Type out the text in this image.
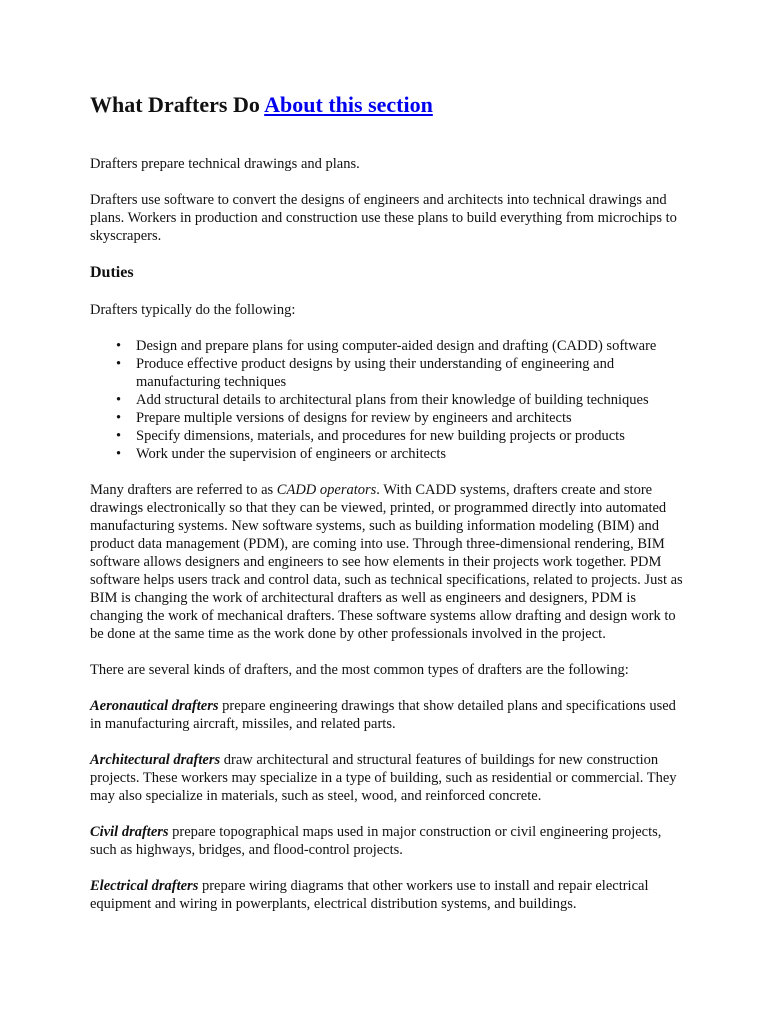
What Drafters Do About this section

Drafters prepare technical drawings and plans.

Drafters use software to convert the designs of engineers and architects into technical drawings and plans. Workers in production and construction use these plans to build everything from microchips to skyscrapers.

Duties

Drafters typically do the following:

• Design and prepare plans for using computer-aided design and drafting (CADD) software
• Produce effective product designs by using their understanding of engineering and manufacturing techniques
• Add structural details to architectural plans from their knowledge of building techniques
• Prepare multiple versions of designs for review by engineers and architects
• Specify dimensions, materials, and procedures for new building projects or products
• Work under the supervision of engineers or architects

Many drafters are referred to as CADD operators. With CADD systems, drafters create and store drawings electronically so that they can be viewed, printed, or programmed directly into automated manufacturing systems. New software systems, such as building information modeling (BIM) and product data management (PDM), are coming into use. Through three-dimensional rendering, BIM software allows designers and engineers to see how elements in their projects work together. PDM software helps users track and control data, such as technical specifications, related to projects. Just as BIM is changing the work of architectural drafters as well as engineers and designers, PDM is changing the work of mechanical drafters. These software systems allow drafting and design work to be done at the same time as the work done by other professionals involved in the project.

There are several kinds of drafters, and the most common types of drafters are the following:

Aeronautical drafters prepare engineering drawings that show detailed plans and specifications used in manufacturing aircraft, missiles, and related parts.

Architectural drafters draw architectural and structural features of buildings for new construction projects. These workers may specialize in a type of building, such as residential or commercial. They may also specialize in materials, such as steel, wood, and reinforced concrete.

Civil drafters prepare topographical maps used in major construction or civil engineering projects, such as highways, bridges, and flood-control projects.

Electrical drafters prepare wiring diagrams that other workers use to install and repair electrical equipment and wiring in powerplants, electrical distribution systems, and buildings.
